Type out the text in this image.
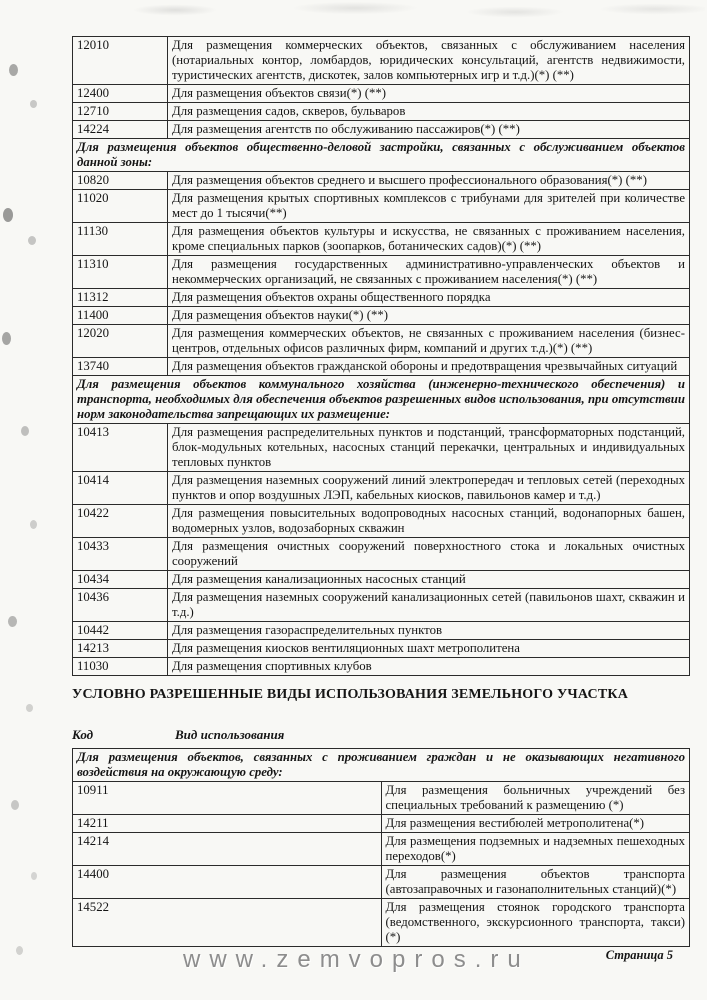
12010	Для размещения коммерческих объектов, связанных с обслуживанием населения (нотариальных контор, ломбардов, юридических консультаций, агентств недвижимости, туристических агентств, дискотек, залов компьютерных игр и т.д.)(*) (**)
12400	Для размещения объектов связи(*) (**)
12710	Для размещения садов, скверов, бульваров
14224	Для размещения агентств по обслуживанию пассажиров(*) (**)
Для размещения объектов общественно-деловой застройки, связанных с обслуживанием объектов данной зоны:	
10820	Для размещения объектов среднего и высшего профессионального образования(*) (**)
11020	Для размещения крытых спортивных комплексов с трибунами для зрителей при количестве мест до 1 тысячи(**)
11130	Для размещения объектов культуры и искусства, не связанных с проживанием населения, кроме специальных парков (зоопарков, ботанических садов)(*) (**)
11310	Для размещения государственных административно-управленческих объектов и некоммерческих организаций, не связанных с проживанием населения(*) (**)
11312	Для размещения объектов охраны общественного порядка
11400	Для размещения объектов науки(*) (**)
12020	Для размещения коммерческих объектов, не связанных с проживанием населения (бизнес-центров, отдельных офисов различных фирм, компаний и других т.д.)(*) (**)
13740	Для размещения объектов гражданской обороны и предотвращения чрезвычайных ситуаций
Для размещения объектов коммунального хозяйства (инженерно-технического обеспечения) и транспорта, необходимых для обеспечения объектов разрешенных видов использования, при отсутствии норм законодательства запрещающих их размещение:	
10413	Для размещения распределительных пунктов и подстанций, трансформаторных подстанций, блок-модульных котельных, насосных станций перекачки, центральных и индивидуальных тепловых пунктов
10414	Для размещения наземных сооружений линий электропередач и тепловых сетей (переходных пунктов и опор воздушных ЛЭП, кабельных киосков, павильонов камер и т.д.)
10422	Для размещения повысительных водопроводных насосных станций, водонапорных башен, водомерных узлов, водозаборных скважин
10433	Для размещения очистных сооружений поверхностного стока и локальных очистных сооружений
10434	Для размещения канализационных насосных станций
10436	Для размещения наземных сооружений канализационных сетей (павильонов шахт, скважин и т.д.)
10442	Для размещения газораспределительных пунктов
14213	Для размещения киосков вентиляционных шахт метрополитена
11030	Для размещения спортивных клубов
УСЛОВНО РАЗРЕШЕННЫЕ ВИДЫ ИСПОЛЬЗОВАНИЯ ЗЕМЕЛЬНОГО УЧАСТКА
Код	Вид использования
Для размещения объектов, связанных с проживанием граждан и не оказывающих негативного воздействия на окружающую среду:	
10911	Для размещения больничных учреждений без специальных требований к размещению (*)
14211	Для размещения вестибюлей метрополитена(*)
14214	Для размещения подземных и надземных пешеходных переходов(*)
14400	Для размещения объектов транспорта (автозаправочных и газонаполнительных станций)(*)
14522	Для размещения стоянок городского транспорта (ведомственного, экскурсионного транспорта, такси)(*)
www.zemvopros.ru	Страница 5
